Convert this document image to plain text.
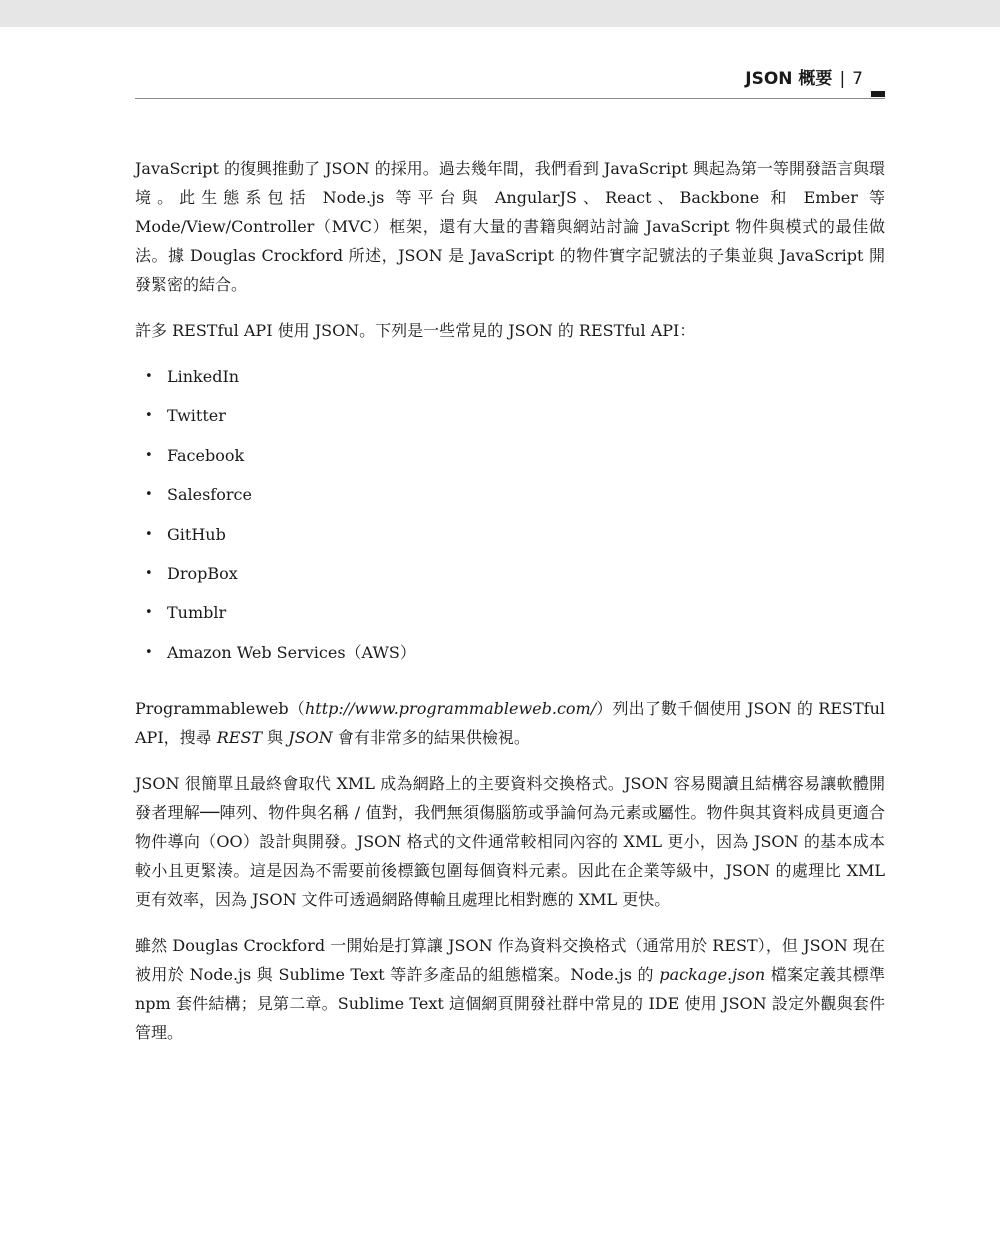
JSON 概要 | 7

JavaScript 的復興推動了 JSON 的採用。過去幾年間，我們看到 JavaScript 興起為第一等開發語言與環境。此生態系包括 Node.js 等平台與 AngularJS、React、Backbone 和 Ember 等 Mode/View/Controller（MVC）框架，還有大量的書籍與網站討論 JavaScript 物件與模式的最佳做法。據 Douglas Crockford 所述，JSON 是 JavaScript 的物件實字記號法的子集並與 JavaScript 開發緊密的結合。

許多 RESTful API 使用 JSON。下列是一些常見的 JSON 的 RESTful API：

• LinkedIn
• Twitter
• Facebook
• Salesforce
• GitHub
• DropBox
• Tumblr
• Amazon Web Services（AWS）

Programmableweb（http://www.programmableweb.com/）列出了數千個使用 JSON 的 RESTful API，搜尋 REST 與 JSON 會有非常多的結果供檢視。

JSON 很簡單且最終會取代 XML 成為網路上的主要資料交換格式。JSON 容易閱讀且結構容易讓軟體開發者理解──陣列、物件與名稱 / 值對，我們無須傷腦筋或爭論何為元素或屬性。物件與其資料成員更適合物件導向（OO）設計與開發。JSON 格式的文件通常較相同內容的 XML 更小，因為 JSON 的基本成本較小且更緊湊。這是因為不需要前後標籤包圍每個資料元素。因此在企業等級中，JSON 的處理比 XML 更有效率，因為 JSON 文件可透過網路傳輸且處理比相對應的 XML 更快。

雖然 Douglas Crockford 一開始是打算讓 JSON 作為資料交換格式（通常用於 REST），但 JSON 現在被用於 Node.js 與 Sublime Text 等許多產品的組態檔案。Node.js 的 package.json 檔案定義其標準 npm 套件結構；見第二章。Sublime Text 這個網頁開發社群中常見的 IDE 使用 JSON 設定外觀與套件管理。
